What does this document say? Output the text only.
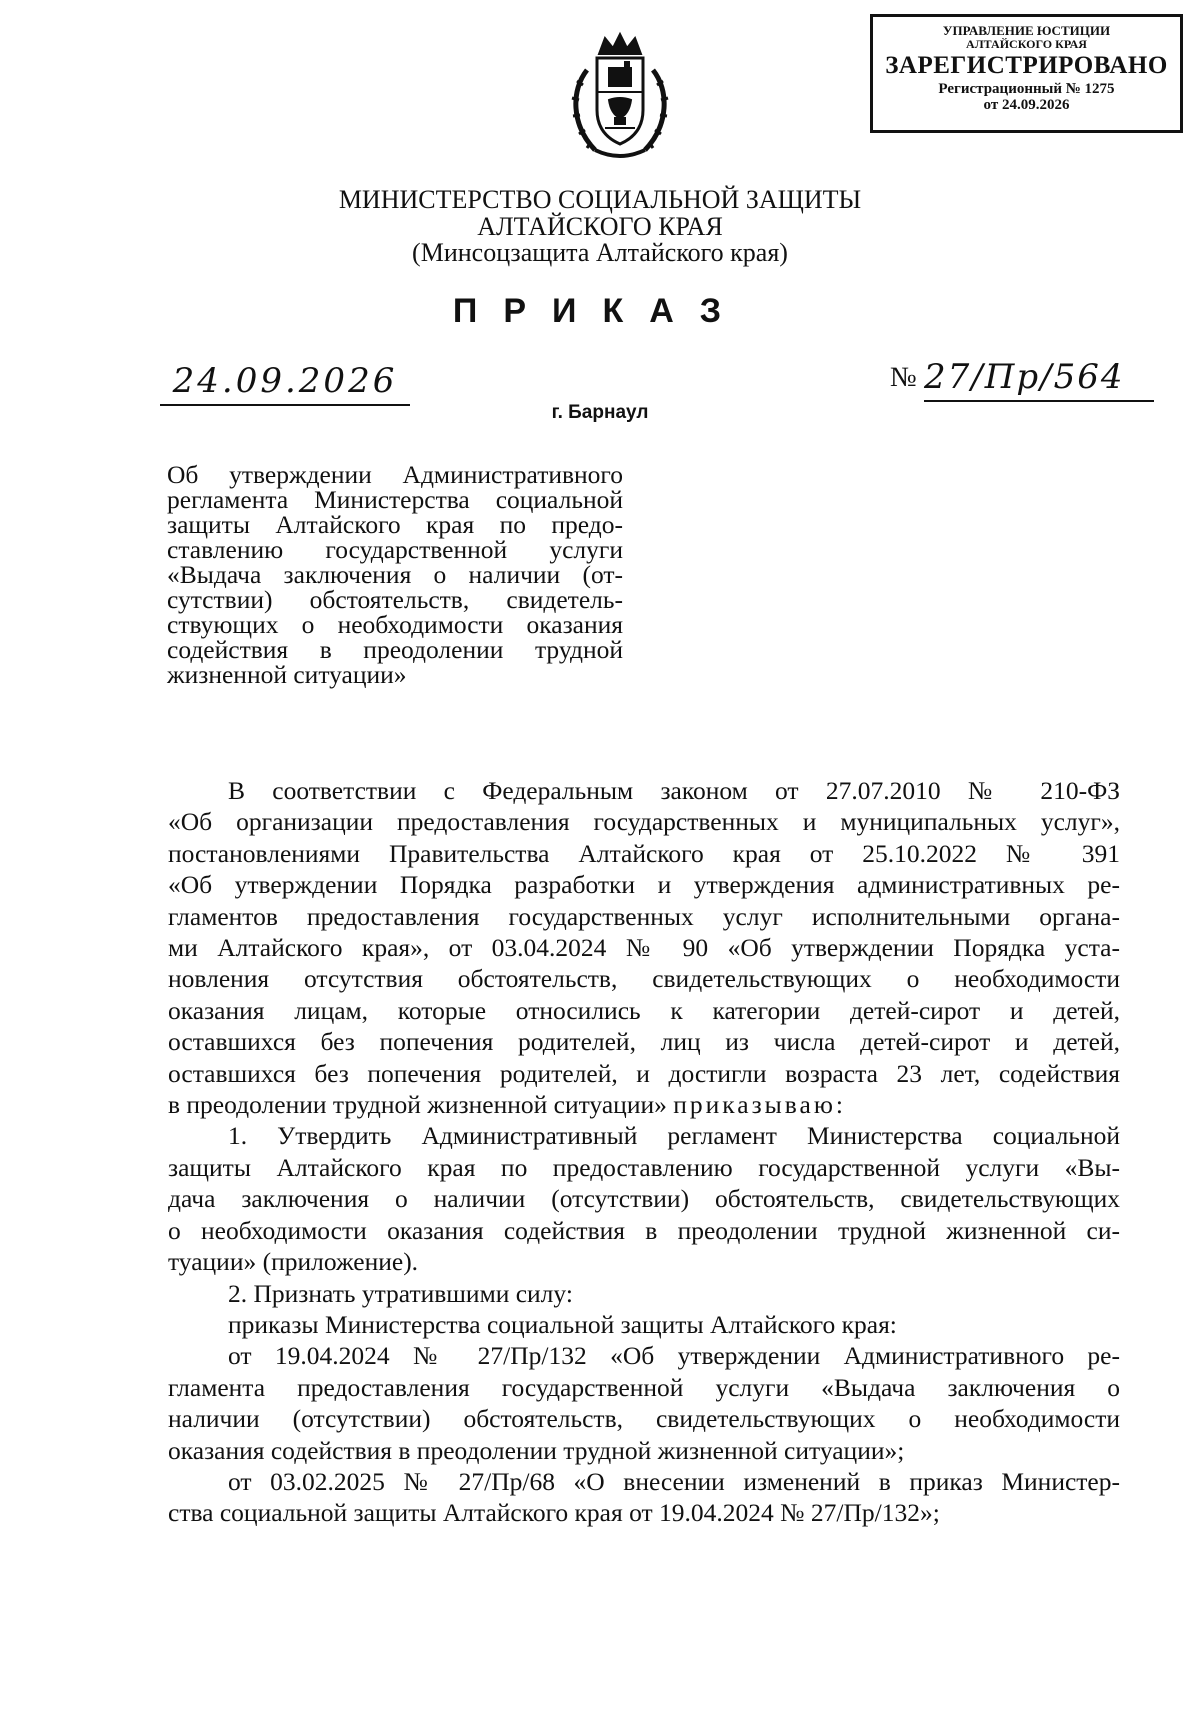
УПРАВЛЕНИЕ ЮСТИЦИИ
АЛТАЙСКОГО КРАЯ
ЗАРЕГИСТРИРОВАНО
Регистрационный № 1275
от 24.09.2026
МИНИСТЕРСТВО СОЦИАЛЬНОЙ ЗАЩИТЫ
АЛТАЙСКОГО КРАЯ
(Минсоцзащита Алтайского края)
ПРИКАЗ
24.09.2026	№ 27/Пр/564
г. Барнаул
Об утверждении Административного
регламента Министерства социальной
защиты Алтайского края по предо-
ставлению государственной услуги
«Выдача заключения о наличии (от-
сутствии) обстоятельств, свидетель-
ствующих о необходимости оказания
содействия в преодолении трудной
жизненной ситуации»
В соответствии с Федеральным законом от 27.07.2010 № 210-ФЗ
«Об организации предоставления государственных и муниципальных услуг»,
постановлениями Правительства Алтайского края от 25.10.2022 № 391
«Об утверждении Порядка разработки и утверждения административных ре-
гламентов предоставления государственных услуг исполнительными органа-
ми Алтайского края», от 03.04.2024 № 90 «Об утверждении Порядка уста-
новления отсутствия обстоятельств, свидетельствующих о необходимости
оказания лицам, которые относились к категории детей-сирот и детей,
оставшихся без попечения родителей, лиц из числа детей-сирот и детей,
оставшихся без попечения родителей, и достигли возраста 23 лет, содействия
в преодолении трудной жизненной ситуации» приказываю:
1. Утвердить Административный регламент Министерства социальной
защиты Алтайского края по предоставлению государственной услуги «Вы-
дача заключения о наличии (отсутствии) обстоятельств, свидетельствующих
о необходимости оказания содействия в преодолении трудной жизненной си-
туации» (приложение).
2. Признать утратившими силу:
приказы Министерства социальной защиты Алтайского края:
от 19.04.2024 № 27/Пр/132 «Об утверждении Административного ре-
гламента предоставления государственной услуги «Выдача заключения о
наличии (отсутствии) обстоятельств, свидетельствующих о необходимости
оказания содействия в преодолении трудной жизненной ситуации»;
от 03.02.2025 № 27/Пр/68 «О внесении изменений в приказ Министер-
ства социальной защиты Алтайского края от 19.04.2024 № 27/Пр/132»;
